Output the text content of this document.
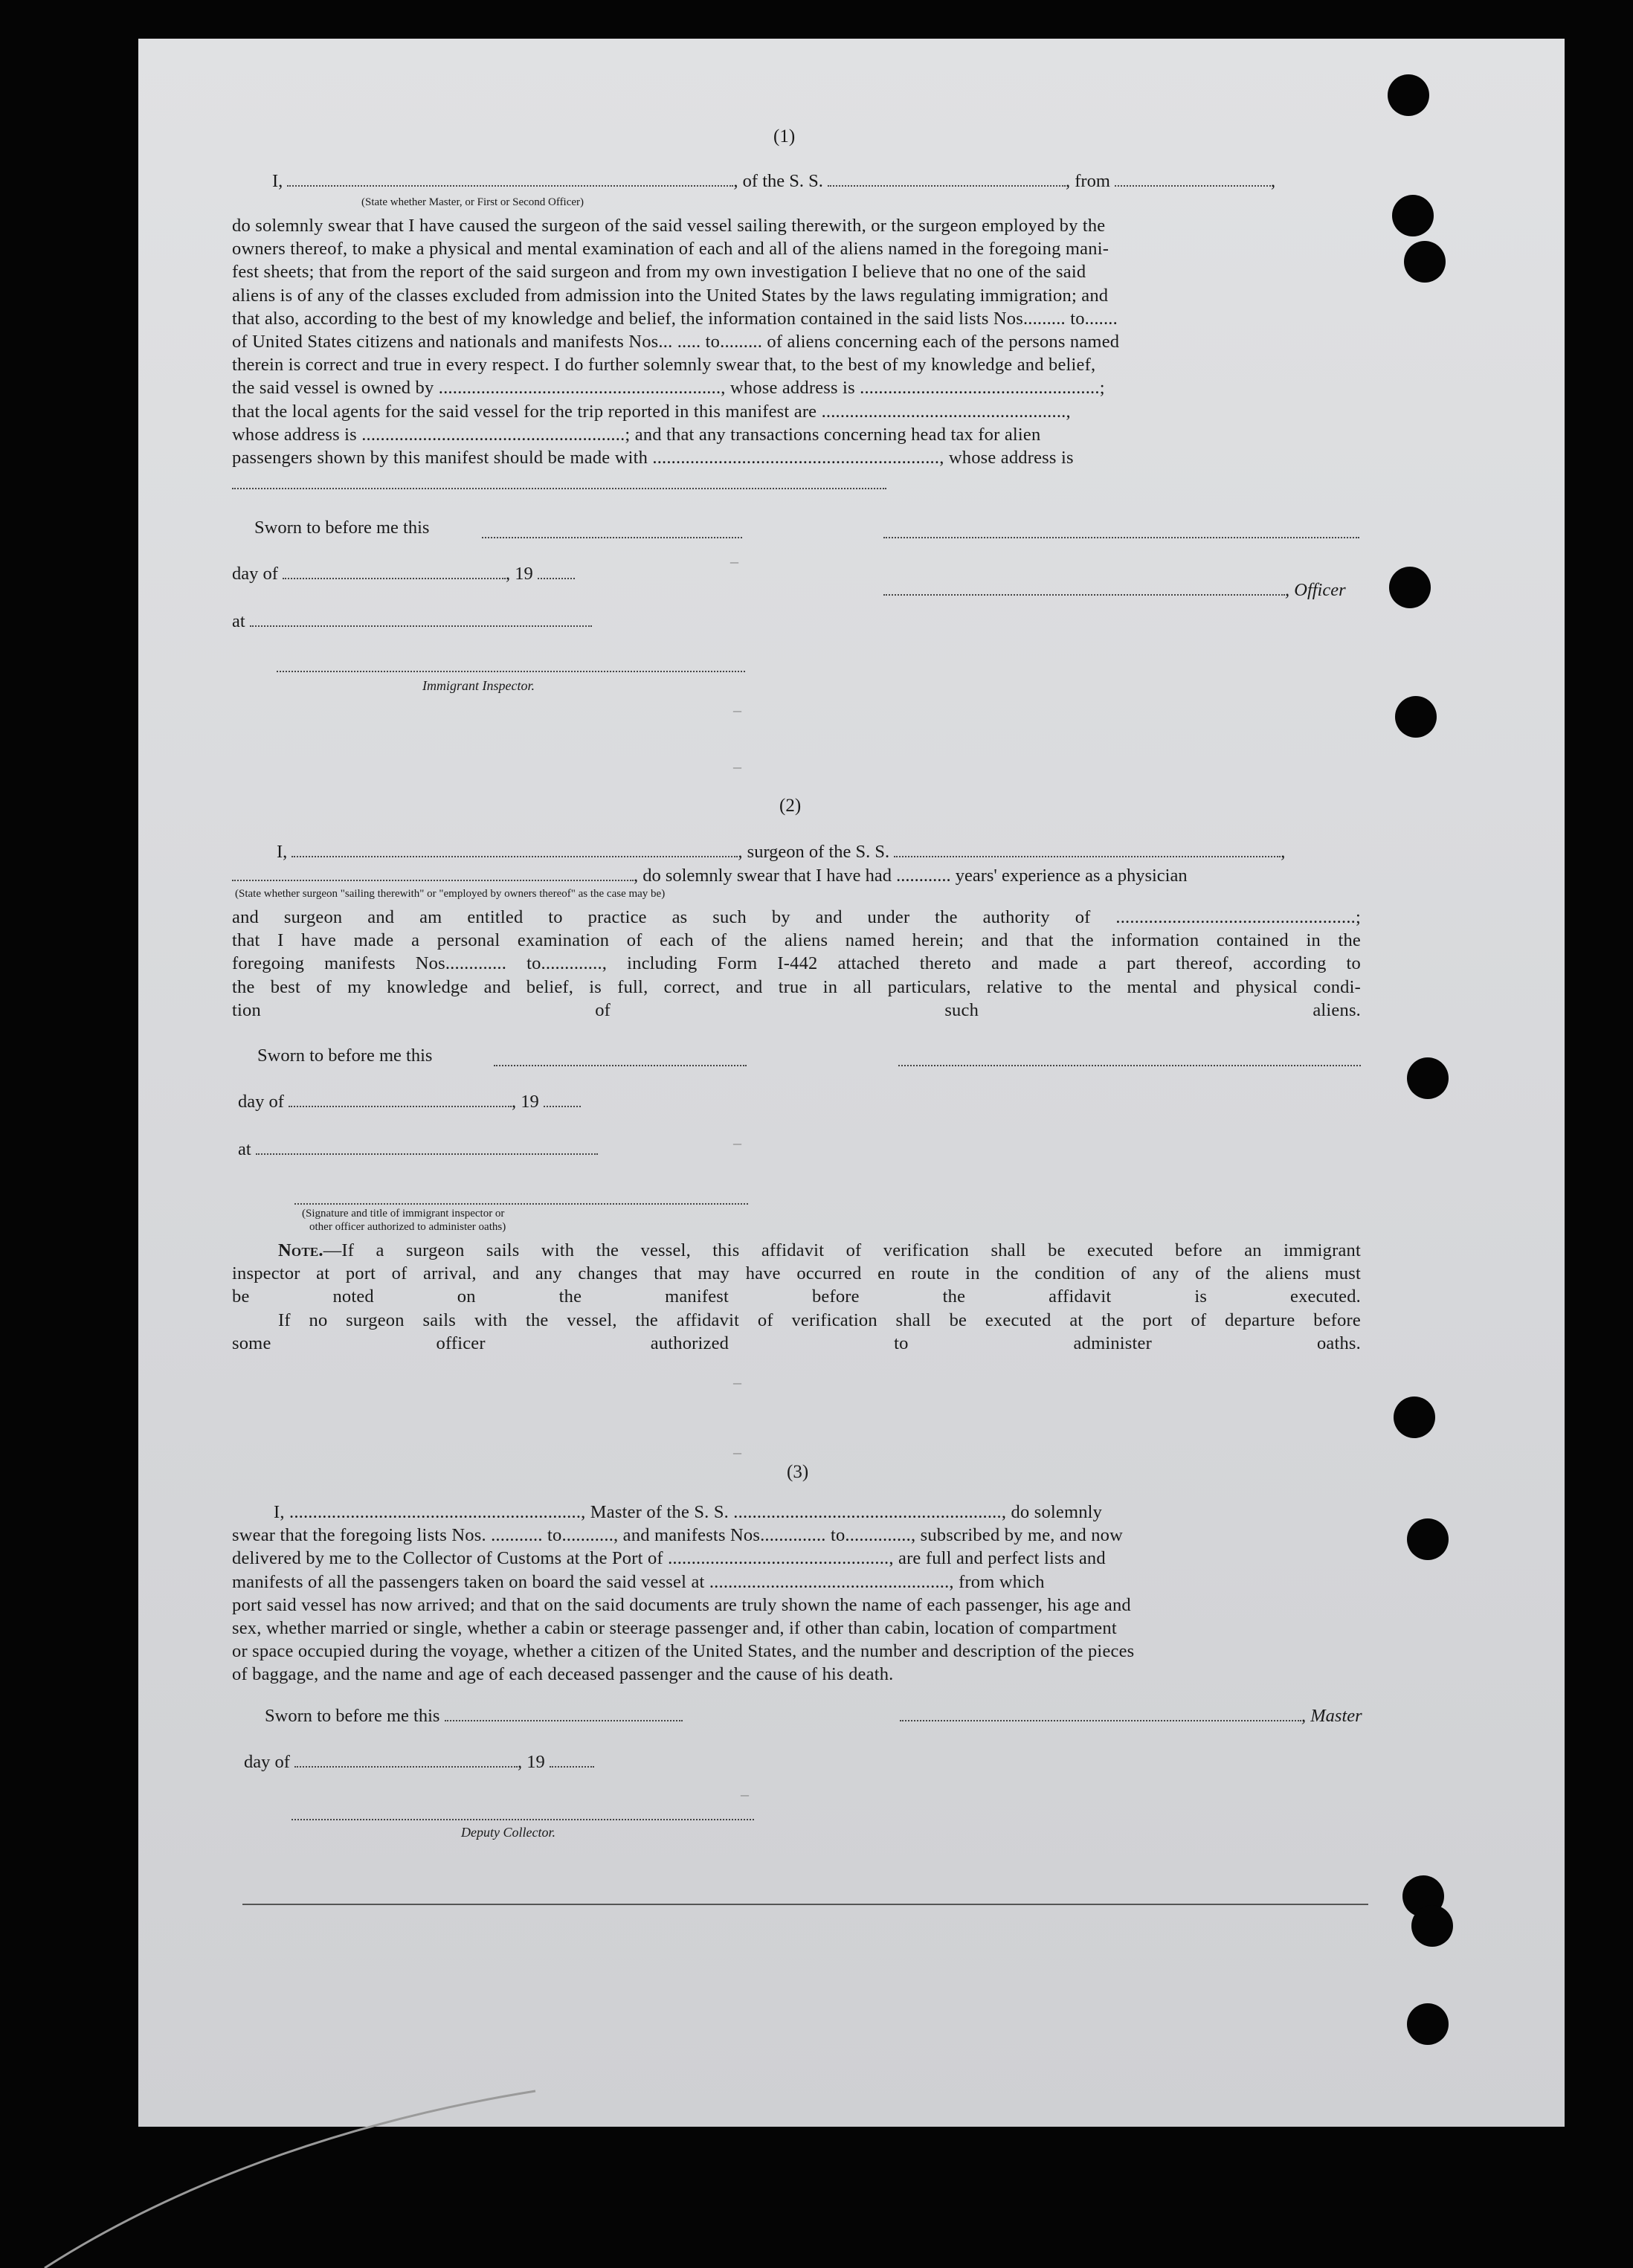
(1)
I,	, of the S. S.	, from	,
(State whether Master, or First or Second Officer)
do solemnly swear that I have caused the surgeon of the said vessel sailing therewith, or the surgeon employed by the
owners thereof, to make a physical and mental examination of each and all of the aliens named in the foregoing mani-
fest sheets; that from the report of the said surgeon and from my own investigation I believe that no one of the said
aliens is of any of the classes excluded from admission into the United States by the laws regulating immigration; and
that also, according to the best of my knowledge and belief, the information contained in the said lists Nos......... to.......
of United States citizens and nationals and manifests Nos... ..... to......... of aliens concerning each of the persons named
therein is correct and true in every respect. I do further solemnly swear that, to the best of my knowledge and belief,
the said vessel is owned by ............................................................, whose address is ...................................................;
that the local agents for the said vessel for the trip reported in this manifest are ....................................................,
whose address is ........................................................; and that any transactions concerning head tax for alien
passengers shown by this manifest should be made with ............................................................., whose address is
Sworn to before me this
day of	, 19
, Officer
at
Immigrant Inspector.
(2)
I,	, surgeon of the S. S.	,
, do solemnly swear that I have had ............ years' experience as a physician
(State whether surgeon "sailing therewith" or "employed by owners thereof" as the case may be)
and surgeon and am entitled to practice as such by and under the authority of ...................................................;
that I have made a personal examination of each of the aliens named herein; and that the information contained in the
foregoing manifests Nos............. to............., including Form I-442 attached thereto and made a part thereof, according to
the best of my knowledge and belief, is full, correct, and true in all particulars, relative to the mental and physical condi-
tion of such aliens.
Sworn to before me this
day of	, 19
at
(Signature and title of immigrant inspector or
other officer authorized to administer oaths)
Note.—If a surgeon sails with the vessel, this affidavit of verification shall be executed before an immigrant
inspector at port of arrival, and any changes that may have occurred en route in the condition of any of the aliens must
be noted on the manifest before the affidavit is executed.
If no surgeon sails with the vessel, the affidavit of verification shall be executed at the port of departure before
some officer authorized to administer oaths.
(3)
I, .............................................................., Master of the S. S. ........................................................., do solemnly
swear that the foregoing lists Nos. ........... to..........., and manifests Nos.............. to.............., subscribed by me, and now
delivered by me to the Collector of Customs at the Port of ..............................................., are full and perfect lists and
manifests of all the passengers taken on board the said vessel at ..................................................., from which
port said vessel has now arrived; and that on the said documents are truly shown the name of each passenger, his age and
sex, whether married or single, whether a cabin or steerage passenger and, if other than cabin, location of compartment
or space occupied during the voyage, whether a citizen of the United States, and the number and description of the pieces
of baggage, and the name and age of each deceased passenger and the cause of his death.
Sworn to before me this	, Master
day of	, 19
Deputy Collector.
–
–
–
–
–
–
–
